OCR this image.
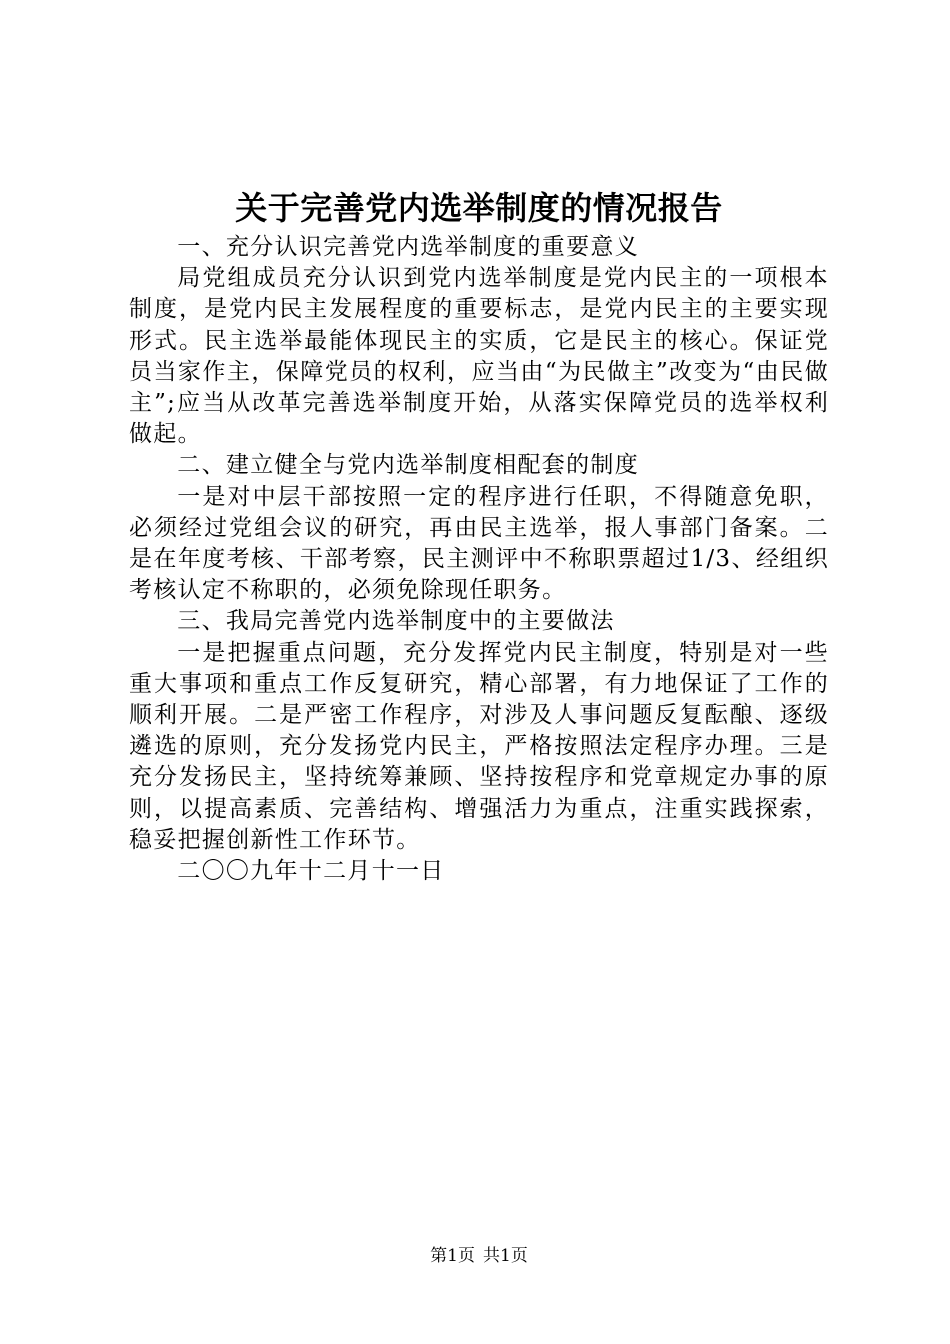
关于完善党内选举制度的情况报告

一、充分认识完善党内选举制度的重要意义

局党组成员充分认识到党内选举制度是党内民主的一项根本制度，是党内民主发展程度的重要标志，是党内民主的主要实现形式。民主选举最能体现民主的实质，它是民主的核心。保证党员当家作主，保障党员的权利，应当由“为民做主”改变为“由民做主”;应当从改革完善选举制度开始，从落实保障党员的选举权利做起。

二、建立健全与党内选举制度相配套的制度

一是对中层干部按照一定的程序进行任职，不得随意免职，必须经过党组会议的研究，再由民主选举，报人事部门备案。二是在年度考核、干部考察，民主测评中不称职票超过1/3、经组织考核认定不称职的，必须免除现任职务。

三、我局完善党内选举制度中的主要做法

一是把握重点问题，充分发挥党内民主制度，特别是对一些重大事项和重点工作反复研究，精心部署，有力地保证了工作的顺利开展。二是严密工作程序，对涉及人事问题反复酝酿、逐级遴选的原则，充分发扬党内民主，严格按照法定程序办理。三是充分发扬民主，坚持统筹兼顾、坚持按程序和党章规定办事的原则，以提高素质、完善结构、增强活力为重点，注重实践探索，稳妥把握创新性工作环节。

二〇〇九年十二月十一日

第1页 共1页
